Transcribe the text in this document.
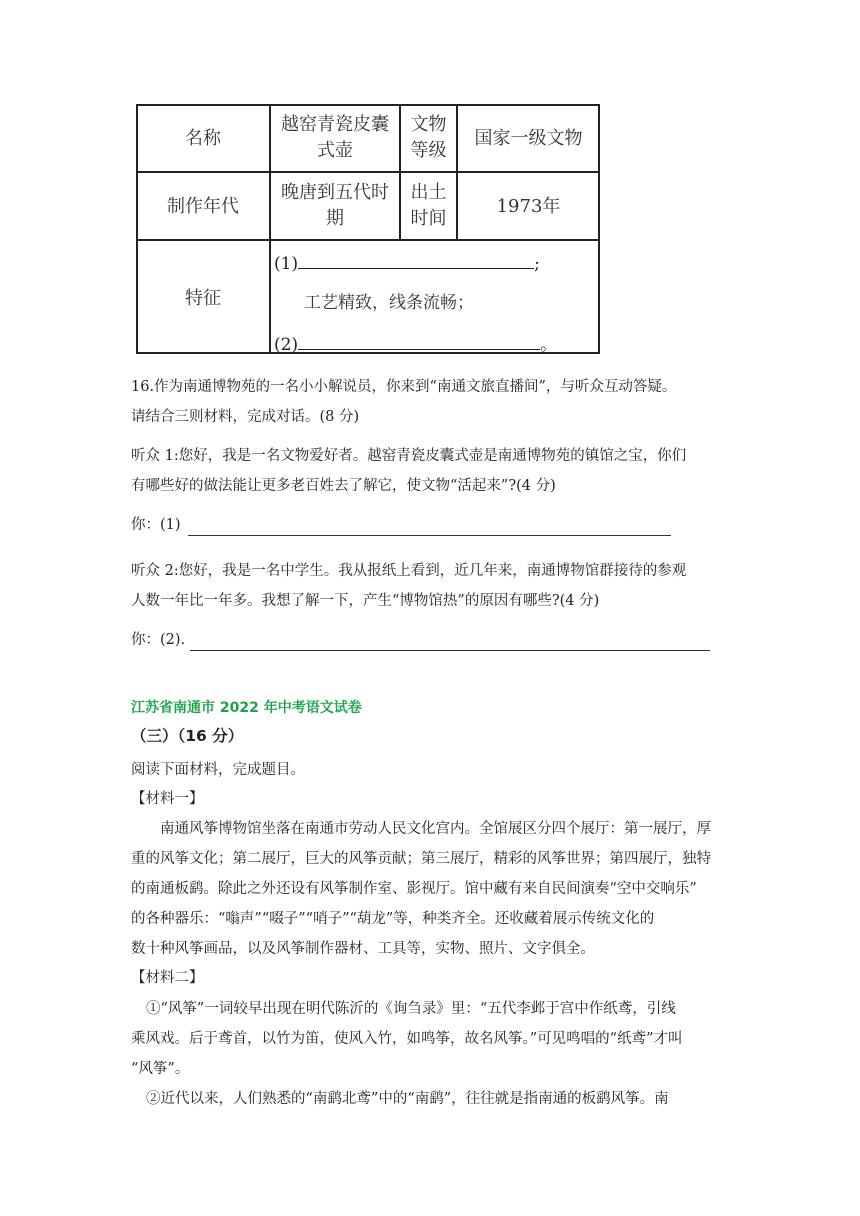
名称
越窑青瓷皮囊
式壶
文物
等级
国家一级文物
制作年代
晚唐到五代时
期
出土
时间
1973年
特征
(1)	;
工艺精致，线条流畅；
(2)	。
16.作为南通博物苑的一名小小解说员，你来到“南通文旅直播间”，与听众互动答疑。
请结合三则材料，完成对话。(8 分)
听众 1:您好，我是一名文物爱好者。越窑青瓷皮囊式壶是南通博物苑的镇馆之宝，你们
有哪些好的做法能让更多老百姓去了解它，使文物“活起来”?(4 分)
你：(1)
听众 2:您好，我是一名中学生。我从报纸上看到，近几年来，南通博物馆群接待的参观
人数一年比一年多。我想了解一下，产生“博物馆热”的原因有哪些?(4 分)
你：(2).
江苏省南通市 2022 年中考语文试卷
（三）（16 分）
阅读下面材料，完成题目。
【材料一】
南通风筝博物馆坐落在南通市劳动人民文化宫内。全馆展区分四个展厅：第一展厅，厚
重的风筝文化；第二展厅，巨大的风筝贡献；第三展厅，精彩的风筝世界；第四展厅，独特
的南通板鹞。除此之外还设有风筝制作室、影视厅。馆中藏有来自民间演奏“空中交响乐”
的各种器乐：“嗡声”“啜子”“哨子”“葫龙”等，种类齐全。还收藏着展示传统文化的
数十种风筝画品，以及风筝制作器材、工具等，实物、照片、文字俱全。
【材料二】
①“风筝”一词较早出现在明代陈沂的《询刍录》里：“五代李邺于宫中作纸鸢，引线
乘风戏。后于鸢首，以竹为笛，使风入竹，如鸣筝，故名风筝。”可见鸣唱的“纸鸢”才叫
“风筝”。
②近代以来，人们熟悉的“南鹞北鸢”中的“南鹞”，往往就是指南通的板鹞风筝。南
